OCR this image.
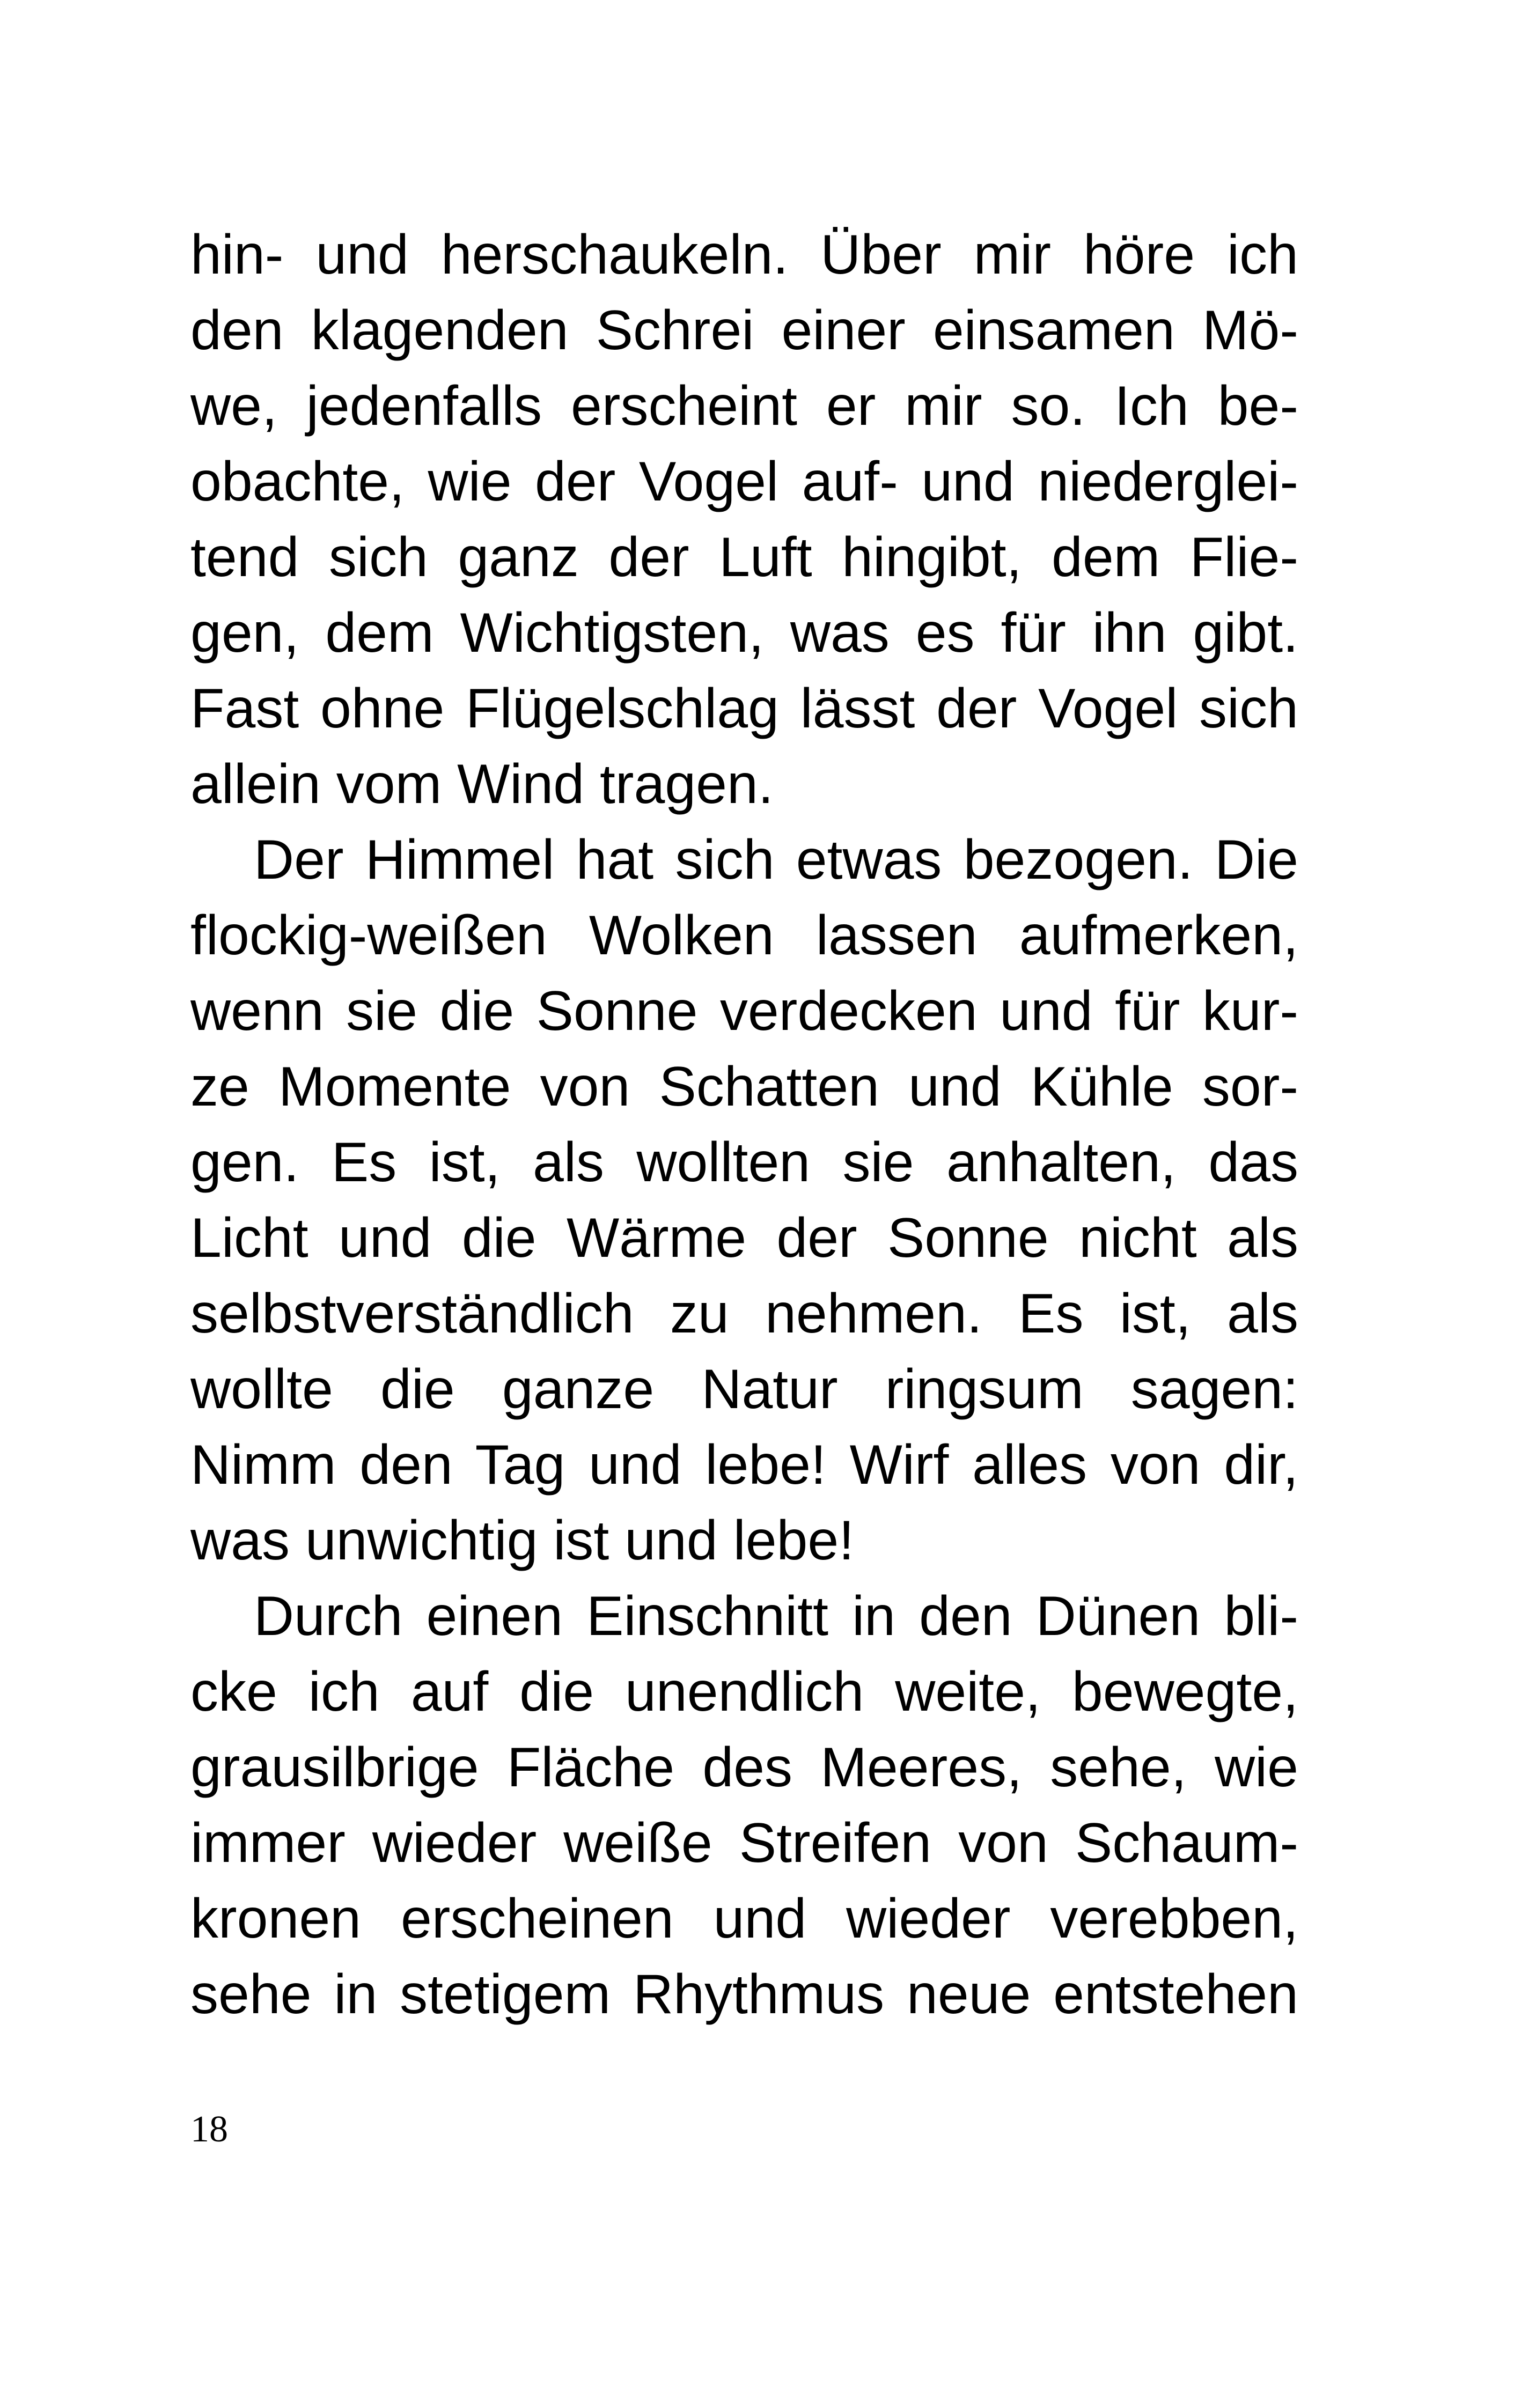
hin- und herschaukeln. Über mir höre ich
den klagenden Schrei einer einsamen Mö-
we, jedenfalls erscheint er mir so. Ich be-
obachte, wie der Vogel auf- und niederglei-
tend sich ganz der Luft hingibt, dem Flie-
gen, dem Wichtigsten, was es für ihn gibt.
Fast ohne Flügelschlag lässt der Vogel sich
allein vom Wind tragen.
Der Himmel hat sich etwas bezogen. Die
flockig-weißen Wolken lassen aufmerken,
wenn sie die Sonne verdecken und für kur-
ze Momente von Schatten und Kühle sor-
gen. Es ist, als wollten sie anhalten, das
Licht und die Wärme der Sonne nicht als
selbstverständlich zu nehmen. Es ist, als
wollte die ganze Natur ringsum sagen:
Nimm den Tag und lebe! Wirf alles von dir,
was unwichtig ist und lebe!
Durch einen Einschnitt in den Dünen bli-
cke ich auf die unendlich weite, bewegte,
grausilbrige Fläche des Meeres, sehe, wie
immer wieder weiße Streifen von Schaum-
kronen erscheinen und wieder verebben,
sehe in stetigem Rhythmus neue entstehen
18
